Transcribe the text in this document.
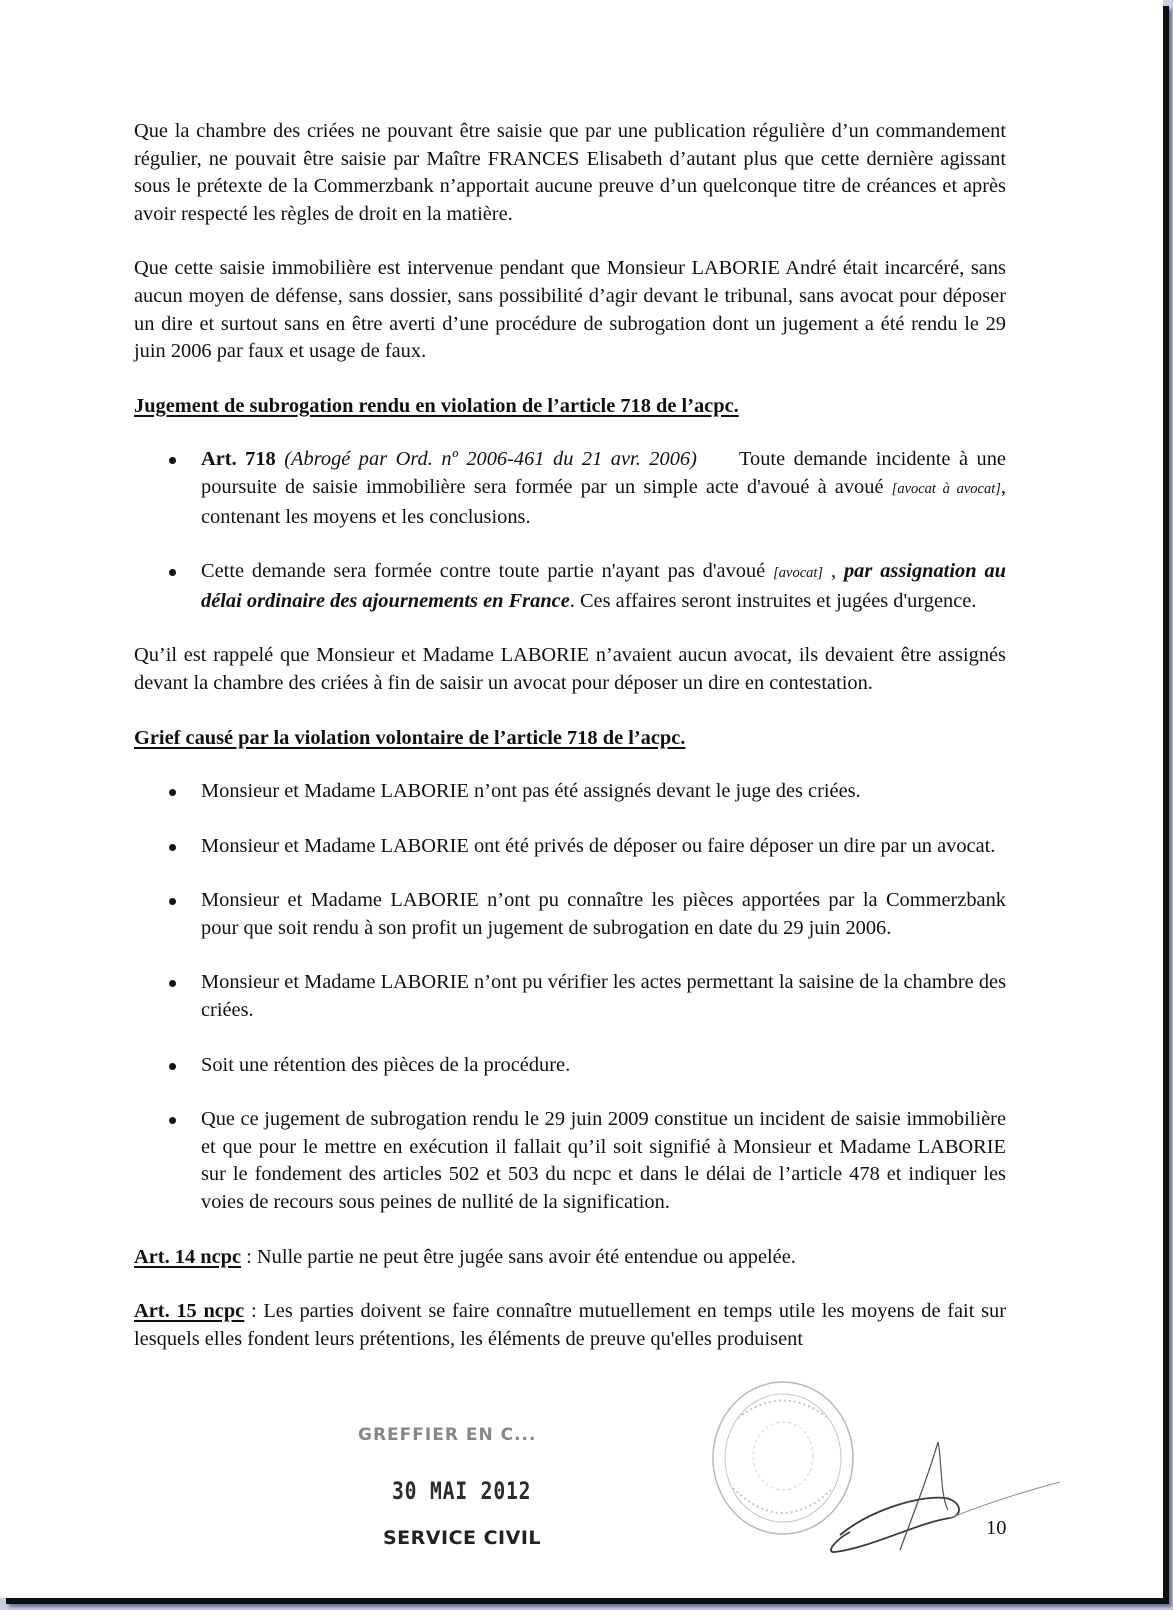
Que la chambre des criées ne pouvant être saisie que par une publication régulière d’un commandement régulier, ne pouvait être saisie par Maître FRANCES Elisabeth d’autant plus que cette dernière agissant sous le prétexte de la Commerzbank n’apportait aucune preuve d’un quelconque titre de créances et après avoir respecté les règles de droit en la matière.

Que cette saisie immobilière est intervenue pendant que Monsieur LABORIE André était incarcéré, sans aucun moyen de défense, sans dossier, sans possibilité d’agir devant le tribunal, sans avocat pour déposer un dire et surtout sans en être averti d’une procédure de subrogation dont un jugement a été rendu le 29 juin 2006 par faux et usage de faux.

Jugement de subrogation rendu en violation de l’article 718 de l’acpc.
Art. 718 (Abrogé par Ord. nº 2006-461 du 21 avr. 2006) Toute demande incidente à une poursuite de saisie immobilière sera formée par un simple acte d'avoué à avoué [avocat à avocat], contenant les moyens et les conclusions.
Cette demande sera formée contre toute partie n'ayant pas d'avoué [avocat] , par assignation au délai ordinaire des ajournements en France. Ces affaires seront instruites et jugées d'urgence.

Qu’il est rappelé que Monsieur et Madame LABORIE n’avaient aucun avocat, ils devaient être assignés devant la chambre des criées à fin de saisir un avocat pour déposer un dire en contestation.

Grief causé par la violation volontaire de l’article 718 de l’acpc.
Monsieur et Madame LABORIE n’ont pas été assignés devant le juge des criées.
Monsieur et Madame LABORIE ont été privés de déposer ou faire déposer un dire par un avocat.
Monsieur et Madame LABORIE n’ont pu connaître les pièces apportées par la Commerzbank pour que soit rendu à son profit un jugement de subrogation en date du 29 juin 2006.
Monsieur et Madame LABORIE n’ont pu vérifier les actes permettant la saisine de la chambre des criées.
Soit une rétention des pièces de la procédure.
Que ce jugement de subrogation rendu le 29 juin 2009 constitue un incident de saisie immobilière et que pour le mettre en exécution il fallait qu’il soit signifié à Monsieur et Madame LABORIE sur le fondement des articles 502 et 503 du ncpc et dans le délai de l’article 478 et indiquer les voies de recours sous peines de nullité de la signification.

Art. 14 ncpc : Nulle partie ne peut être jugée sans avoir été entendue ou appelée.

Art. 15 ncpc : Les parties doivent se faire connaître mutuellement en temps utile les moyens de fait sur lesquels elles fondent leurs prétentions, les éléments de preuve qu'elles produisent

GREFFIER EN C...
30 MAI 2012
SERVICE CIVIL	10
